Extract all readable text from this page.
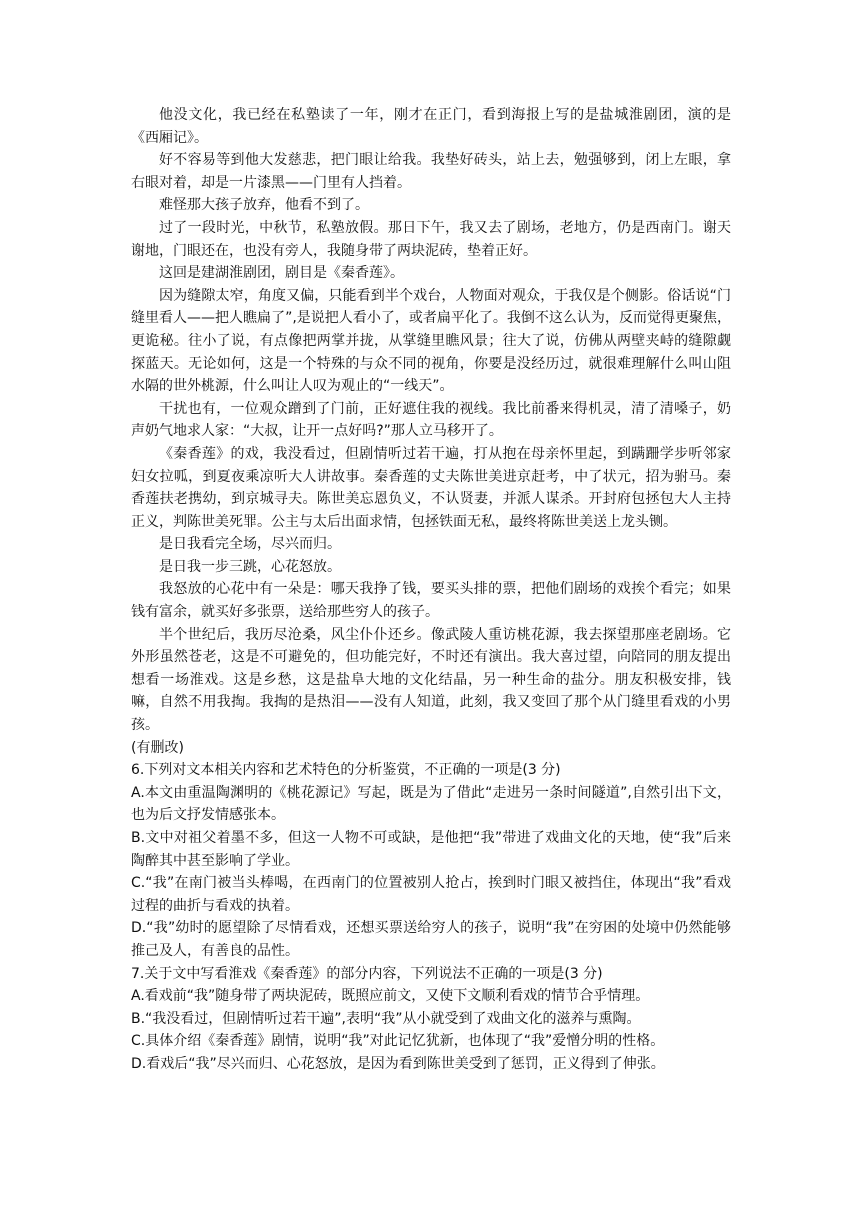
他没文化，我已经在私塾读了一年，刚才在正门，看到海报上写的是盐城淮剧团，演的是《西厢记》。

好不容易等到他大发慈悲，把门眼让给我。我垫好砖头，站上去，勉强够到，闭上左眼，拿右眼对着，却是一片漆黑——门里有人挡着。

难怪那大孩子放弃，他看不到了。

过了一段时光，中秋节，私塾放假。那日下午，我又去了剧场，老地方，仍是西南门。谢天谢地，门眼还在，也没有旁人，我随身带了两块泥砖，垫着正好。

这回是建湖淮剧团，剧目是《秦香莲》。

因为缝隙太窄，角度又偏，只能看到半个戏台，人物面对观众，于我仅是个侧影。俗话说“门缝里看人——把人瞧扁了”,是说把人看小了，或者扁平化了。我倒不这么认为，反而觉得更聚焦，更诡秘。往小了说，有点像把两掌并拢，从掌缝里瞧风景；往大了说，仿佛从两壁夹峙的缝隙觑探蓝天。无论如何，这是一个特殊的与众不同的视角，你要是没经历过，就很难理解什么叫山阻水隔的世外桃源，什么叫让人叹为观止的“一线天”。

干扰也有，一位观众蹭到了门前，正好遮住我的视线。我比前番来得机灵，清了清嗓子，奶声奶气地求人家：“大叔，让开一点好吗?”那人立马移开了。

《秦香莲》的戏，我没看过，但剧情听过若干遍，打从抱在母亲怀里起，到蹒跚学步听邻家妇女拉呱，到夏夜乘凉听大人讲故事。秦香莲的丈夫陈世美进京赶考，中了状元，招为驸马。秦香莲扶老携幼，到京城寻夫。陈世美忘恩负义，不认贤妻，并派人谋杀。开封府包拯包大人主持正义，判陈世美死罪。公主与太后出面求情，包拯铁面无私，最终将陈世美送上龙头铡。

是日我看完全场，尽兴而归。

是日我一步三跳，心花怒放。

我怒放的心花中有一朵是：哪天我挣了钱，要买头排的票，把他们剧场的戏挨个看完；如果钱有富余，就买好多张票，送给那些穷人的孩子。

半个世纪后，我历尽沧桑，风尘仆仆还乡。像武陵人重访桃花源，我去探望那座老剧场。它外形虽然苍老，这是不可避免的，但功能完好，不时还有演出。我大喜过望，向陪同的朋友提出想看一场淮戏。这是乡愁，这是盐阜大地的文化结晶，另一种生命的盐分。朋友积极安排，钱嘛，自然不用我掏。我掏的是热泪——没有人知道，此刻，我又变回了那个从门缝里看戏的小男孩。

(有删改)

6.下列对文本相关内容和艺术特色的分析鉴赏，不正确的一项是(3 分)

A.本文由重温陶渊明的《桃花源记》写起，既是为了借此“走进另一条时间隧道”,自然引出下文，也为后文抒发情感张本。

B.文中对祖父着墨不多，但这一人物不可或缺，是他把“我”带进了戏曲文化的天地，使“我”后来陶醉其中甚至影响了学业。

C.“我”在南门被当头棒喝，在西南门的位置被别人抢占，挨到时门眼又被挡住，体现出“我”看戏过程的曲折与看戏的执着。

D.“我”幼时的愿望除了尽情看戏，还想买票送给穷人的孩子，说明“我”在穷困的处境中仍然能够推己及人，有善良的品性。

7.关于文中写看淮戏《秦香莲》的部分内容，下列说法不正确的一项是(3 分)

A.看戏前“我”随身带了两块泥砖，既照应前文，又使下文顺利看戏的情节合乎情理。

B.“我没看过，但剧情听过若干遍”,表明“我”从小就受到了戏曲文化的滋养与熏陶。

C.具体介绍《秦香莲》剧情，说明“我”对此记忆犹新，也体现了“我”爱憎分明的性格。

D.看戏后“我”尽兴而归、心花怒放，是因为看到陈世美受到了惩罚，正义得到了伸张。
